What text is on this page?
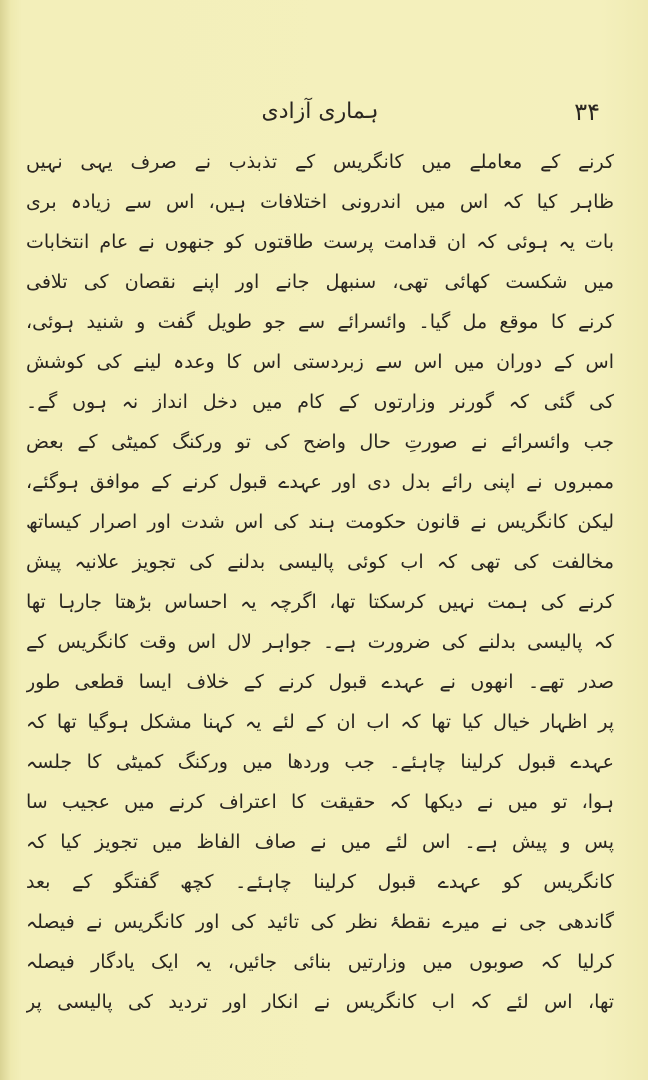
ہماری آزادی	۳۴
کرنے کے معاملے میں کانگریس کے تذبذب نے صرف یہی نہیں
ظاہر کیا کہ اس میں اندرونی اختلافات ہیں، اس سے زیادہ بری
بات یہ ہوئی کہ ان قدامت پرست طاقتوں کو جنھوں نے عام انتخابات
میں شکست کھائی تھی، سنبھل جانے اور اپنے نقصان کی تلافی
کرنے کا موقع مل گیا۔ وائسرائے سے جو طویل گفت و شنید ہوئی،
اس کے دوران میں اس سے زبردستی اس کا وعدہ لینے کی کوشش
کی گئی کہ گورنر وزارتوں کے کام میں دخل انداز نہ ہوں گے۔
جب وائسرائے نے صورتِ حال واضح کی تو ورکنگ کمیٹی کے بعض
ممبروں نے اپنی رائے بدل دی اور عہدے قبول کرنے کے موافق ہوگئے،
لیکن کانگریس نے قانون حکومت ہند کی اس شدت اور اصرار کیساتھ
مخالفت کی تھی کہ اب کوئی پالیسی بدلنے کی تجویز علانیہ پیش
کرنے کی ہمت نہیں کرسکتا تھا، اگرچہ یہ احساس بڑھتا جارہا تھا
کہ پالیسی بدلنے کی ضرورت ہے۔ جواہر لال اس وقت کانگریس کے
صدر تھے۔ انھوں نے عہدے قبول کرنے کے خلاف ایسا قطعی طور
پر اظہار خیال کیا تھا کہ اب ان کے لئے یہ کہنا مشکل ہوگیا تھا کہ
عہدے قبول کرلینا چاہئے۔ جب وردھا میں ورکنگ کمیٹی کا جلسہ
ہوا، تو میں نے دیکھا کہ حقیقت کا اعتراف کرنے میں عجیب سا
پس و پیش ہے۔ اس لئے میں نے صاف الفاظ میں تجویز کیا کہ
کانگریس کو عہدے قبول کرلینا چاہئے۔ کچھ گفتگو کے بعد
گاندھی جی نے میرے نقطۂ نظر کی تائید کی اور کانگریس نے فیصلہ
کرلیا کہ صوبوں میں وزارتیں بنائی جائیں، یہ ایک یادگار فیصلہ
تھا، اس لئے کہ اب کانگریس نے انکار اور تردید کی پالیسی پر
